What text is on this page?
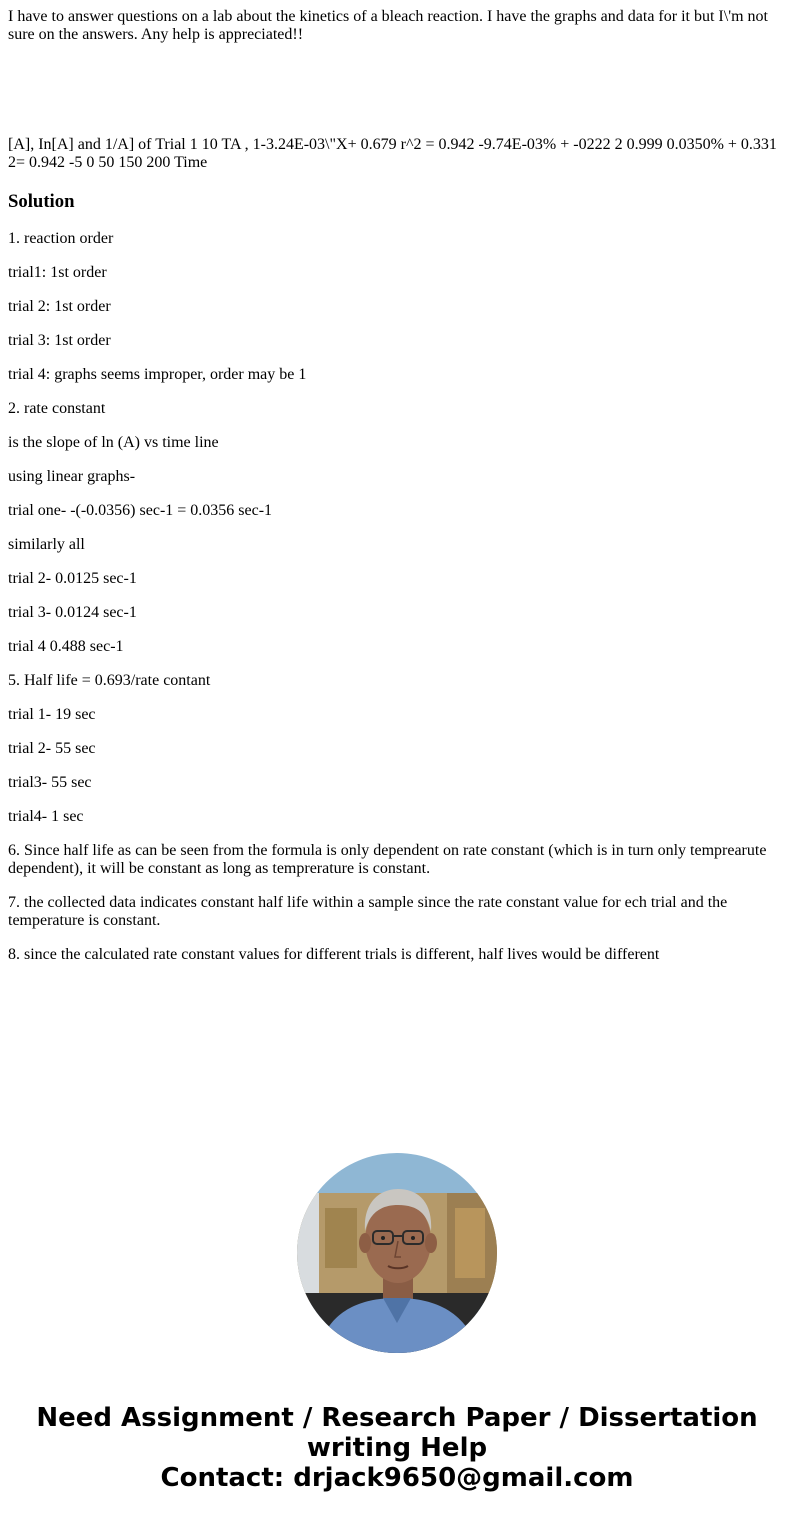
I have to answer questions on a lab about the kinetics of a bleach reaction. I have the graphs and data for it but I\'m not sure on the answers. Any help is appreciated!!

[A], In[A] and 1/A] of Trial 1 10 TA , 1-3.24E-03\"X+ 0.679 r^2 = 0.942 -9.74E-03% + -0222 2 0.999 0.0350% + 0.331 2= 0.942 -5 0 50 150 200 Time

Solution

1. reaction order

trial1: 1st order

trial 2: 1st order

trial 3: 1st order

trial 4: graphs seems improper, order may be 1

2. rate constant

is the slope of ln (A) vs time line

using linear graphs-

trial one- -(-0.0356) sec-1 = 0.0356 sec-1

similarly all

trial 2- 0.0125 sec-1

trial 3- 0.0124 sec-1

trial 4 0.488 sec-1

5. Half life = 0.693/rate contant

trial 1- 19 sec

trial 2- 55 sec

trial3- 55 sec

trial4- 1 sec

6. Since half life as can be seen from the formula is only dependent on rate constant (which is in turn only temprearute dependent), it will be constant as long as tempreraturе is constant.

7. the collected data indicates constant half life within a sample since the rate constant value for ech trial and the temperature is constant.

8. since the calculated rate constant values for different trials is different, half lives would be different

Need Assignment / Research Paper / Dissertation
writing Help
Contact: drjack9650@gmail.com
